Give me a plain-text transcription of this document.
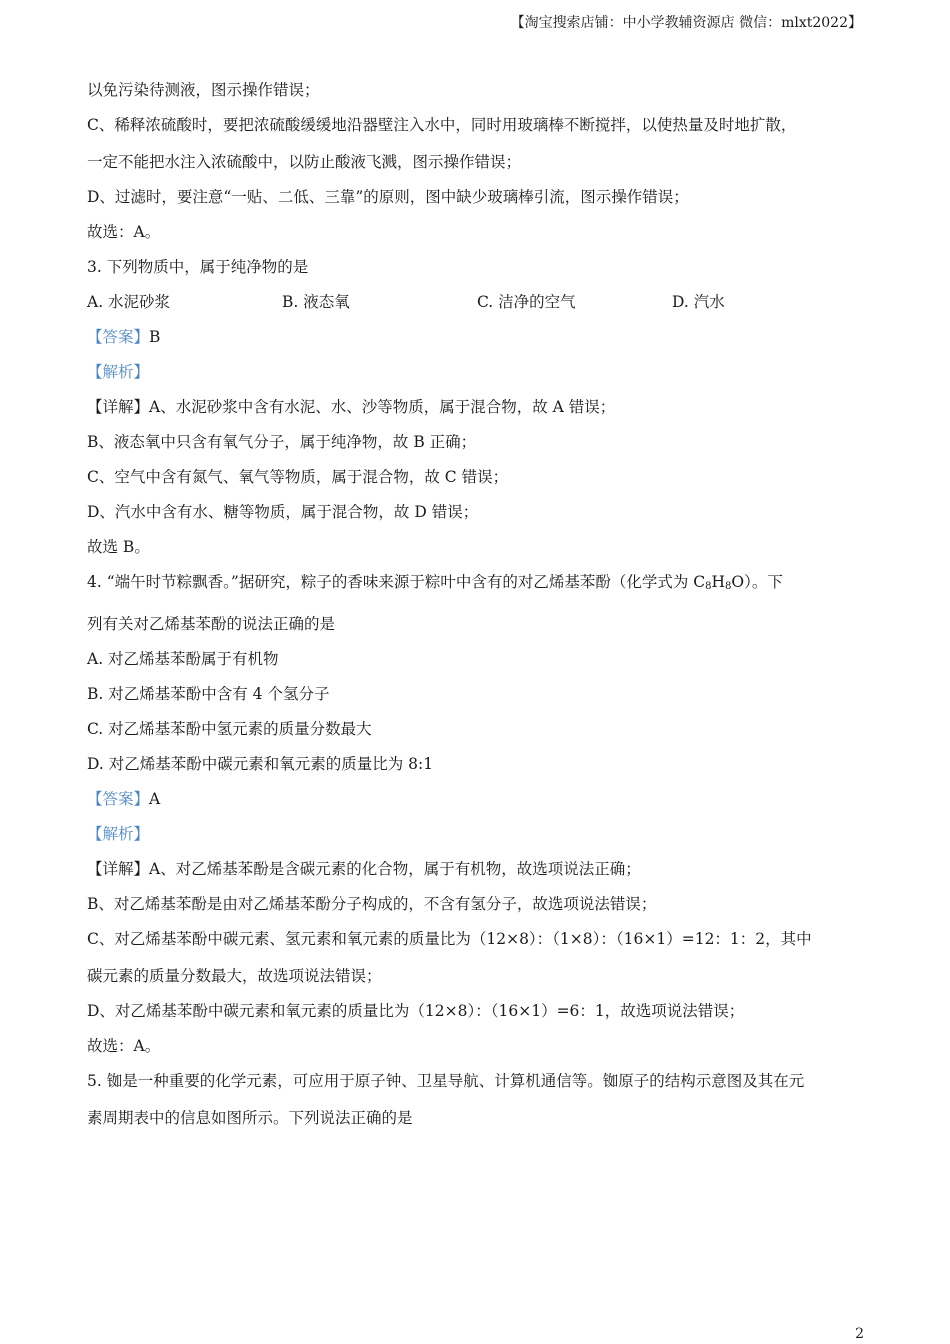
【淘宝搜索店铺：中小学教辅资源店 微信：mlxt2022】

以免污染待测液，图示操作错误；

C、稀释浓硫酸时，要把浓硫酸缓缓地沿器壁注入水中，同时用玻璃棒不断搅拌，以使热量及时地扩散，

一定不能把水注入浓硫酸中，以防止酸液飞溅，图示操作错误；

D、过滤时，要注意“一贴、二低、三靠”的原则，图中缺少玻璃棒引流，图示操作错误；

故选：A。

3. 下列物质中，属于纯净物的是

A. 水泥砂浆	B. 液态氧	C. 洁净的空气	D. 汽水

【答案】B

【解析】

【详解】A、水泥砂浆中含有水泥、水、沙等物质，属于混合物，故 A 错误；

B、液态氧中只含有氧气分子，属于纯净物，故 B 正确；

C、空气中含有氮气、氧气等物质，属于混合物，故 C 错误；

D、汽水中含有水、糖等物质，属于混合物，故 D 错误；

故选 B。

4. “端午时节粽飘香。”据研究，粽子的香味来源于粽叶中含有的对乙烯基苯酚（化学式为 $C_8H_8O$）。下

列有关对乙烯基苯酚的说法正确的是

A. 对乙烯基苯酚属于有机物

B. 对乙烯基苯酚中含有 4 个氢分子

C. 对乙烯基苯酚中氢元素的质量分数最大

D. 对乙烯基苯酚中碳元素和氧元素的质量比为 8:1

【答案】A

【解析】

【详解】A、对乙烯基苯酚是含碳元素的化合物，属于有机物，故选项说法正确；

B、对乙烯基苯酚是由对乙烯基苯酚分子构成的，不含有氢分子，故选项说法错误；

C、对乙烯基苯酚中碳元素、氢元素和氧元素的质量比为（12×8）：（1×8）：（16×1）=12：1：2，其中

碳元素的质量分数最大，故选项说法错误；

D、对乙烯基苯酚中碳元素和氧元素的质量比为（12×8）：（16×1）=6：1，故选项说法错误；

故选：A。

5. 铷是一种重要的化学元素，可应用于原子钟、卫星导航、计算机通信等。铷原子的结构示意图及其在元

素周期表中的信息如图所示。下列说法正确的是

2
